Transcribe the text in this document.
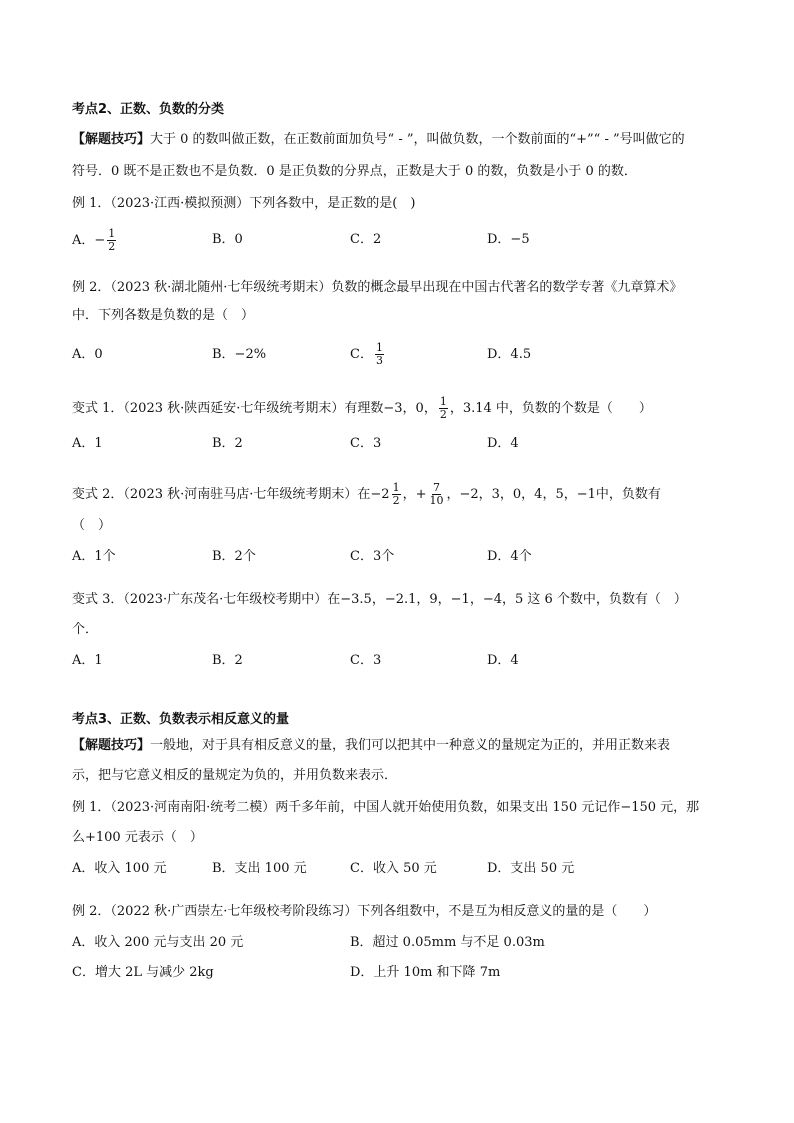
考点2、正数、负数的分类
【解题技巧】大于 0 的数叫做正数，在正数前面加负号“ - ”，叫做负数，一个数前面的“+”“ - ”号叫做它的
符号．0 既不是正数也不是负数．0 是正负数的分界点，正数是大于 0 的数，负数是小于 0 的数．
例 1．（2023·江西·模拟预测）下列各数中，是正数的是(　)
A．− $\frac{1}{2}$	B．0	C．2	D．−5
例 2．（2023 秋·湖北随州·七年级统考期末）负数的概念最早出现在中国古代著名的数学专著《九章算术》
中．下列各数是负数的是（　）
A．0	B．−2%	C． $\frac{1}{3}$	D．4.5
变式 1．（2023 秋·陕西延安·七年级统考期末）有理数−3，0， $\frac{1}{2}$ ，3.14 中，负数的个数是（　　）
A．1	B．2	C．3	D．4
变式 2．（2023 秋·河南驻马店·七年级统考期末）在 $-2 \frac{1}{2}$ ，+ $\frac{7}{10}$ ，−2，3，0，4，5，−1中，负数有
（　）
A．1个	B．2个	C．3个	D．4个
变式 3．（2023·广东茂名·七年级校考期中）在−3.5，−2.1，9，−1，−4，5 这 6 个数中，负数有（　）
个．
A．1	B．2	C．3	D．4
考点3、正数、负数表示相反意义的量
【解题技巧】一般地，对于具有相反意义的量，我们可以把其中一种意义的量规定为正的，并用正数来表
示，把与它意义相反的量规定为负的，并用负数来表示．
例 1．（2023·河南南阳·统考二模）两千多年前，中国人就开始使用负数，如果支出 150 元记作−150 元，那
么+100 元表示（　）
A．收入 100 元	B．支出 100 元	C．收入 50 元	D．支出 50 元
例 2．（2022 秋·广西崇左·七年级校考阶段练习）下列各组数中，不是互为相反意义的量的是（　　）
A．收入 200 元与支出 20 元	B．超过 0.05mm 与不足 0.03m
C．增大 2L 与减少 2kg	D．上升 10m 和下降 7m
